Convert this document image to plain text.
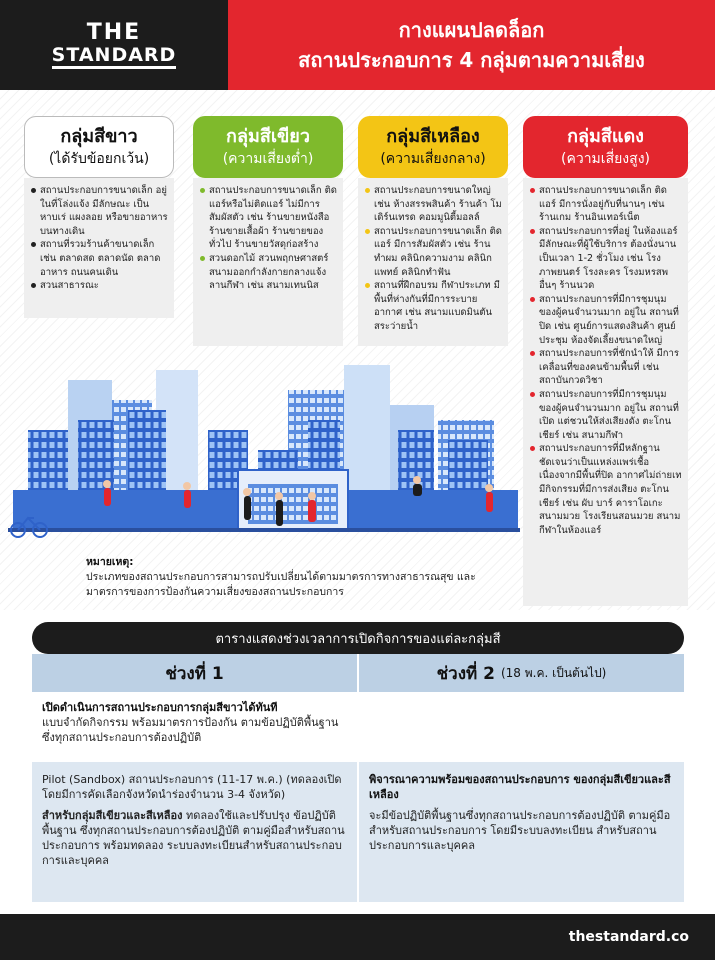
THE
STANDARD
กางแผนปลดล็อก
สถานประกอบการ 4 กลุ่มตามความเสี่ยง
กลุ่มสีขาว
(ได้รับข้อยกเว้น)
กลุ่มสีเขียว
(ความเสี่ยงต่ำ)
กลุ่มสีเหลือง
(ความเสี่ยงกลาง)
กลุ่มสีแดง
(ความเสี่ยงสูง)
สถานประกอบการขนาดเล็ก อยู่ในที่โล่งแจ้ง มีลักษณะ เป็นหาบเร่ แผงลอย หรือขายอาหารบนทางเดิน
สถานที่รวมร้านค้าขนาดเล็ก เช่น ตลาดสด ตลาดนัด ตลาดอาหาร ถนนคนเดิน
สวนสาธารณะ
สถานประกอบการขนาดเล็ก ติดแอร์หรือไม่ติดแอร์ ไม่มีการ สัมผัสตัว เช่น ร้านขายหนังสือ ร้านขายเสื้อผ้า ร้านขายของทั่วไป ร้านขายวัสดุก่อสร้าง
สวนดอกไม้ สวนพฤกษศาสตร์ สนามออกกำลังกายกลางแจ้ง ลานกีฬา เช่น สนามเทนนิส
สถานประกอบการขนาดใหญ่ เช่น ห้างสรรพสินค้า ร้านค้า โมเดิร์นเทรด คอมมูนิตี้มอลล์
สถานประกอบการขนาดเล็ก ติดแอร์ มีการสัมผัสตัว เช่น ร้านทำผม คลินิกความงาม คลินิกแพทย์ คลินิกทำฟัน
สถานที่ฝึกอบรม กีฬาประเภท มีพื้นที่ห่างกันที่มีการระบายอากาศ เช่น สนามแบดมินตัน สระว่ายน้ำ
สถานประกอบการขนาดเล็ก ติดแอร์ มีการนั่งอยู่กับที่นานๆ เช่น ร้านเกม ร้านอินเทอร์เน็ต
สถานประกอบการที่อยู่ ในห้องแอร์ มีลักษณะที่ผู้ใช้บริการ ต้องนั่งนานเป็นเวลา 1-2 ชั่วโมง เช่น โรงภาพยนตร์ โรงละคร โรงมหรสพอื่นๆ ร้านนวด
สถานประกอบการที่มีการชุมนุม ของผู้คนจำนวนมาก อยู่ใน สถานที่ปิด เช่น ศูนย์การแสดงสินค้า ศูนย์ประชุม ห้องจัดเลี้ยงขนาดใหญ่
สถานประกอบการที่ชักนำให้ มีการเคลื่อนที่ของคนข้ามพื้นที่ เช่น สถาบันกวดวิชา
สถานประกอบการที่มีการชุมนุม ของผู้คนจำนวนมาก อยู่ใน สถานที่เปิด แต่ชวนให้ส่งเสียงดัง ตะโกนเชียร์ เช่น สนามกีฬา
สถานประกอบการที่มีหลักฐาน ชัดเจนว่าเป็นแหล่งแพร่เชื้อ เนื่องจากมีพื้นที่ปิด อากาศไม่ถ่ายเท มีกิจกรรมที่มีการส่งเสียง ตะโกนเชียร์ เช่น ผับ บาร์ คาราโอเกะ สนามมวย โรงเรียนสอนมวย สนามกีฬาในห้องแอร์
หมายเหตุ:
ประเภทของสถานประกอบการสามารถปรับเปลี่ยนได้ตามมาตรการทางสาธารณสุข และมาตรการของการป้องกันความเสี่ยงของสถานประกอบการ
ตารางแสดงช่วงเวลาการเปิดกิจการของแต่ละกลุ่มสี
ช่วงที่ 1
เปิดดำเนินการสถานประกอบการกลุ่มสีขาวได้ทันที
แบบจำกัดกิจกรรม พร้อมมาตรการป้องกัน ตามข้อปฏิบัติพื้นฐาน ซึ่งทุกสถานประกอบการต้องปฏิบัติ
Pilot (Sandbox) สถานประกอบการ (11-17 พ.ค.) (ทดลองเปิดโดยมีการคัดเลือกจังหวัดนำร่องจำนวน 3-4 จังหวัด)
สำหรับกลุ่มสีเขียวและสีเหลือง ทดลองใช้และปรับปรุง ข้อปฏิบัติพื้นฐาน ซึ่งทุกสถานประกอบการต้องปฏิบัติ ตามคู่มือสำหรับสถานประกอบการ พร้อมทดลอง ระบบลงทะเบียนสำหรับสถานประกอบการและบุคคล
ช่วงที่ 2 (18 พ.ค. เป็นต้นไป)
พิจารณาความพร้อมของสถานประกอบการ ของกลุ่มสีเขียวและสีเหลือง
จะมีข้อปฏิบัติพื้นฐานซึ่งทุกสถานประกอบการต้องปฏิบัติ ตามคู่มือสำหรับสถานประกอบการ โดยมีระบบลงทะเบียน สำหรับสถานประกอบการและบุคคล
thestandard.co
